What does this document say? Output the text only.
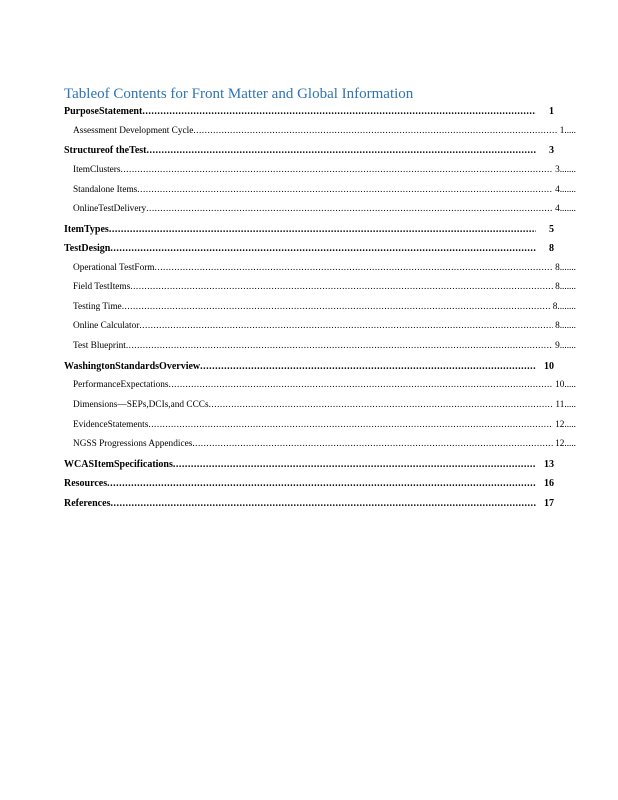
Tableof Contents for Front Matter and Global Information
PurposeStatement .....	1
Assessment Development Cycle .....	1.....
Structureof theTest .....	3
ItemClusters .....	3.......
Standalone Items .....	4.......
OnlineTestDelivery .....	4.......
ItemTypes .....	5
TestDesign .....	8
Operational TestForm .....	8.......
Field TestItems .....	8.......
Testing Time .....	8........
Online Calculator .....	8.......
Test Blueprint .....	9.......
WashingtonStandardsOverview .....	10
PerformanceExpectations .....	10.....
Dimensions—SEPs,DCIs,and CCCs .....	11.....
EvidenceStatements .....	12.....
NGSS Progressions Appendices .....	12.....
WCASItemSpecifications .....	13
Resources .....	16
References .....	17
